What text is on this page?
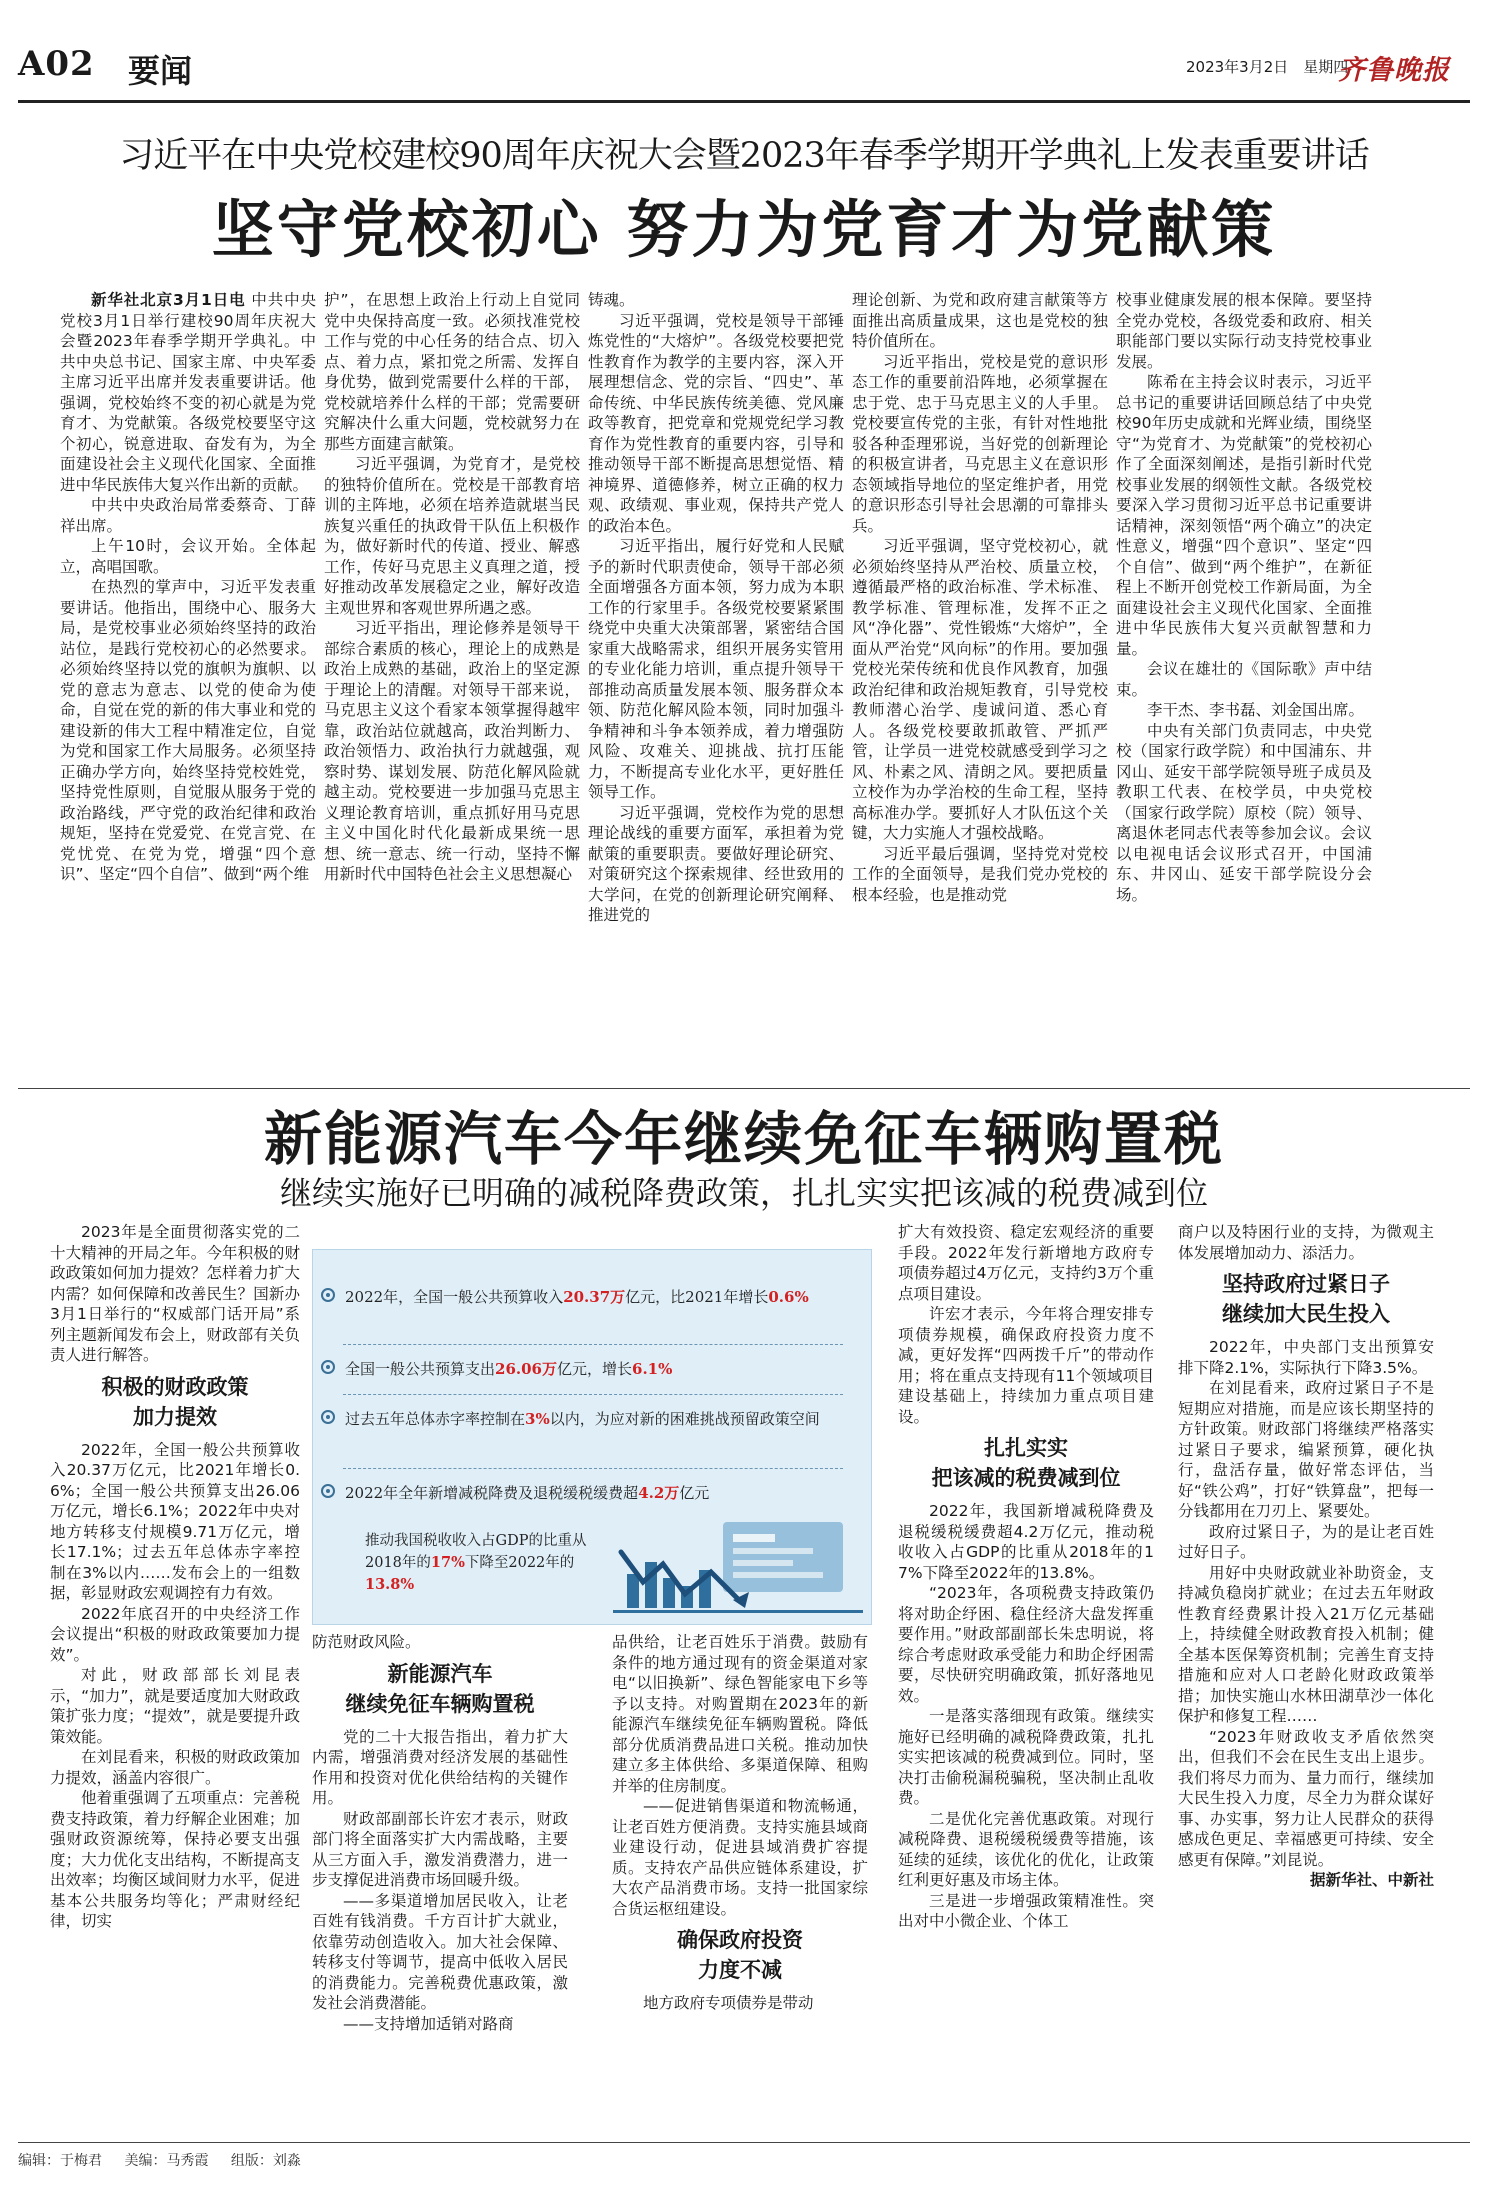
A02 要闻	2023年3月2日　星期四
齐鲁晚报
习近平在中央党校建校90周年庆祝大会暨2023年春季学期开学典礼上发表重要讲话
坚守党校初心 努力为党育才为党献策

新华社北京3月1日电 中共中央党校3月1日举行建校90周年庆祝大会暨2023年春季学期开学典礼。中共中央总书记、国家主席、中央军委主席习近平出席并发表重要讲话。他强调，党校始终不变的初心就是为党育才、为党献策。各级党校要坚守这个初心，锐意进取、奋发有为，为全面建设社会主义现代化国家、全面推进中华民族伟大复兴作出新的贡献。

中共中央政治局常委蔡奇、丁薛祥出席。

上午10时，会议开始。全体起立，高唱国歌。

在热烈的掌声中，习近平发表重要讲话。他指出，围绕中心、服务大局，是党校事业必须始终坚持的政治站位，是践行党校初心的必然要求。必须始终坚持以党的旗帜为旗帜、以党的意志为意志、以党的使命为使命，自觉在党的新的伟大事业和党的建设新的伟大工程中精准定位，自觉为党和国家工作大局服务。必须坚持正确办学方向，始终坚持党校姓党，坚持党性原则，自觉服从服务于党的政治路线，严守党的政治纪律和政治规矩，坚持在党爱党、在党言党、在党忧党、在党为党，增强“四个意识”、坚定“四个自信”、做到“两个维

护”，在思想上政治上行动上自觉同党中央保持高度一致。必须找准党校工作与党的中心任务的结合点、切入点、着力点，紧扣党之所需、发挥自身优势，做到党需要什么样的干部，党校就培养什么样的干部；党需要研究解决什么重大问题，党校就努力在那些方面建言献策。

习近平强调，为党育才，是党校的独特价值所在。党校是干部教育培训的主阵地，必须在培养造就堪当民族复兴重任的执政骨干队伍上积极作为，做好新时代的传道、授业、解惑工作，传好马克思主义真理之道，授好推动改革发展稳定之业，解好改造主观世界和客观世界所遇之惑。

习近平指出，理论修养是领导干部综合素质的核心，理论上的成熟是政治上成熟的基础，政治上的坚定源于理论上的清醒。对领导干部来说，马克思主义这个看家本领掌握得越牢靠，政治站位就越高，政治判断力、政治领悟力、政治执行力就越强，观察时势、谋划发展、防范化解风险就越主动。党校要进一步加强马克思主义理论教育培训，重点抓好用马克思主义中国化时代化最新成果统一思想、统一意志、统一行动，坚持不懈用新时代中国特色社会主义思想凝心

铸魂。

习近平强调，党校是领导干部锤炼党性的“大熔炉”。各级党校要把党性教育作为教学的主要内容，深入开展理想信念、党的宗旨、“四史”、革命传统、中华民族传统美德、党风廉政等教育，把党章和党规党纪学习教育作为党性教育的重要内容，引导和推动领导干部不断提高思想觉悟、精神境界、道德修养，树立正确的权力观、政绩观、事业观，保持共产党人的政治本色。

习近平指出，履行好党和人民赋予的新时代职责使命，领导干部必须全面增强各方面本领，努力成为本职工作的行家里手。各级党校要紧紧围绕党中央重大决策部署，紧密结合国家重大战略需求，组织开展务实管用的专业化能力培训，重点提升领导干部推动高质量发展本领、服务群众本领、防范化解风险本领，同时加强斗争精神和斗争本领养成，着力增强防风险、攻难关、迎挑战、抗打压能力，不断提高专业化水平，更好胜任领导工作。

习近平强调，党校作为党的思想理论战线的重要方面军，承担着为党献策的重要职责。要做好理论研究、对策研究这个探索规律、经世致用的大学问，在党的创新理论研究阐释、推进党的

理论创新、为党和政府建言献策等方面推出高质量成果，这也是党校的独特价值所在。

习近平指出，党校是党的意识形态工作的重要前沿阵地，必须掌握在忠于党、忠于马克思主义的人手里。党校要宣传党的主张，有针对性地批驳各种歪理邪说，当好党的创新理论的积极宣讲者，马克思主义在意识形态领域指导地位的坚定维护者，用党的意识形态引导社会思潮的可靠排头兵。

习近平强调，坚守党校初心，就必须始终坚持从严治校、质量立校，遵循最严格的政治标准、学术标准、教学标准、管理标准，发挥不正之风“净化器”、党性锻炼“大熔炉”，全面从严治党“风向标”的作用。要加强党校光荣传统和优良作风教育，加强政治纪律和政治规矩教育，引导党校教师潜心治学、虔诚问道、悉心育人。各级党校要敢抓敢管、严抓严管，让学员一进党校就感受到学习之风、朴素之风、清朗之风。要把质量立校作为办学治校的生命工程，坚持高标准办学。要抓好人才队伍这个关键，大力实施人才强校战略。

习近平最后强调，坚持党对党校工作的全面领导，是我们党办党校的根本经验，也是推动党

校事业健康发展的根本保障。要坚持全党办党校，各级党委和政府、相关职能部门要以实际行动支持党校事业发展。

陈希在主持会议时表示，习近平总书记的重要讲话回顾总结了中央党校90年历史成就和光辉业绩，围绕坚守“为党育才、为党献策”的党校初心作了全面深刻阐述，是指引新时代党校事业发展的纲领性文献。各级党校要深入学习贯彻习近平总书记重要讲话精神，深刻领悟“两个确立”的决定性意义，增强“四个意识”、坚定“四个自信”、做到“两个维护”，在新征程上不断开创党校工作新局面，为全面建设社会主义现代化国家、全面推进中华民族伟大复兴贡献智慧和力量。

会议在雄壮的《国际歌》声中结束。

李干杰、李书磊、刘金国出席。

中央有关部门负责同志，中央党校（国家行政学院）和中国浦东、井冈山、延安干部学院领导班子成员及教职工代表、在校学员，中央党校（国家行政学院）原校（院）领导、离退休老同志代表等参加会议。会议以电视电话会议形式召开，中国浦东、井冈山、延安干部学院设分会场。

新能源汽车今年继续免征车辆购置税
继续实施好已明确的减税降费政策，扎扎实实把该减的税费减到位

2023年是全面贯彻落实党的二十大精神的开局之年。今年积极的财政政策如何加力提效？怎样着力扩大内需？如何保障和改善民生？国新办3月1日举行的“权威部门话开局”系列主题新闻发布会上，财政部有关负责人进行解答。

积极的财政政策
加力提效

2022年，全国一般公共预算收入20.37万亿元，比2021年增长0.6%；全国一般公共预算支出26.06万亿元，增长6.1%；2022年中央对地方转移支付规模9.71万亿元，增长17.1%；过去五年总体赤字率控制在3%以内……发布会上的一组数据，彰显财政宏观调控有力有效。

2022年底召开的中央经济工作会议提出“积极的财政政策要加力提效”。

对此，财政部部长刘昆表示，“加力”，就是要适度加大财政政策扩张力度；“提效”，就是要提升政策效能。

在刘昆看来，积极的财政政策加力提效，涵盖内容很广。

他着重强调了五项重点：完善税费支持政策，着力纾解企业困难；加强财政资源统筹，保持必要支出强度；大力优化支出结构，不断提高支出效率；均衡区域间财力水平，促进基本公共服务均等化；严肃财经纪律，切实

2022年，全国一般公共预算收入20.37万亿元，比2021年增长0.6%
全国一般公共预算支出26.06万亿元，增长6.1%
过去五年总体赤字率控制在3%以内，为应对新的困难挑战预留政策空间
2022年全年新增减税降费及退税缓税缓费超4.2万亿元
推动我国税收收入占GDP的比重从2018年的17%下降至2022年的13.8%

防范财政风险。

新能源汽车
继续免征车辆购置税

党的二十大报告指出，着力扩大内需，增强消费对经济发展的基础性作用和投资对优化供给结构的关键作用。

财政部副部长许宏才表示，财政部门将全面落实扩大内需战略，主要从三方面入手，激发消费潜力，进一步支撑促进消费市场回暖升级。

——多渠道增加居民收入，让老百姓有钱消费。千方百计扩大就业，依靠劳动创造收入。加大社会保障、转移支付等调节，提高中低收入居民的消费能力。完善税费优惠政策，激发社会消费潜能。

——支持增加适销对路商

品供给，让老百姓乐于消费。鼓励有条件的地方通过现有的资金渠道对家电“以旧换新”、绿色智能家电下乡等予以支持。对购置期在2023年的新能源汽车继续免征车辆购置税。降低部分优质消费品进口关税。推动加快建立多主体供给、多渠道保障、租购并举的住房制度。

——促进销售渠道和物流畅通，让老百姓方便消费。支持实施县域商业建设行动，促进县域消费扩容提质。支持农产品供应链体系建设，扩大农产品消费市场。支持一批国家综合货运枢纽建设。

确保政府投资
力度不减

地方政府专项债券是带动

扩大有效投资、稳定宏观经济的重要手段。2022年发行新增地方政府专项债券超过4万亿元，支持约3万个重点项目建设。

许宏才表示，今年将合理安排专项债券规模，确保政府投资力度不减，更好发挥“四两拨千斤”的带动作用；将在重点支持现有11个领域项目建设基础上，持续加力重点项目建设。

扎扎实实
把该减的税费减到位

2022年，我国新增减税降费及退税缓税缓费超4.2万亿元，推动税收收入占GDP的比重从2018年的17%下降至2022年的13.8%。

“2023年，各项税费支持政策仍将对助企纾困、稳住经济大盘发挥重要作用。”财政部副部长朱忠明说，将综合考虑财政承受能力和助企纾困需要，尽快研究明确政策，抓好落地见效。

一是落实落细现有政策。继续实施好已经明确的减税降费政策，扎扎实实把该减的税费减到位。同时，坚决打击偷税漏税骗税，坚决制止乱收费。

二是优化完善优惠政策。对现行减税降费、退税缓税缓费等措施，该延续的延续，该优化的优化，让政策红利更好惠及市场主体。

三是进一步增强政策精准性。突出对中小微企业、个体工

商户以及特困行业的支持，为微观主体发展增加动力、添活力。

坚持政府过紧日子
继续加大民生投入

2022年，中央部门支出预算安排下降2.1%，实际执行下降3.5%。

在刘昆看来，政府过紧日子不是短期应对措施，而是应该长期坚持的方针政策。财政部门将继续严格落实过紧日子要求，编紧预算，硬化执行，盘活存量，做好常态评估，当好“铁公鸡”，打好“铁算盘”，把每一分钱都用在刀刃上、紧要处。

政府过紧日子，为的是让老百姓过好日子。

用好中央财政就业补助资金，支持减负稳岗扩就业；在过去五年财政性教育经费累计投入21万亿元基础上，持续健全财政教育投入机制；健全基本医保筹资机制；完善生育支持措施和应对人口老龄化财政政策举措；加快实施山水林田湖草沙一体化保护和修复工程……

“2023年财政收支矛盾依然突出，但我们不会在民生支出上退步。我们将尽力而为、量力而行，继续加大民生投入力度，尽全力为群众谋好事、办实事，努力让人民群众的获得感成色更足、幸福感更可持续、安全感更有保障。”刘昆说。

据新华社、中新社

编辑：于梅君 美编：马秀霞 组版：刘淼
